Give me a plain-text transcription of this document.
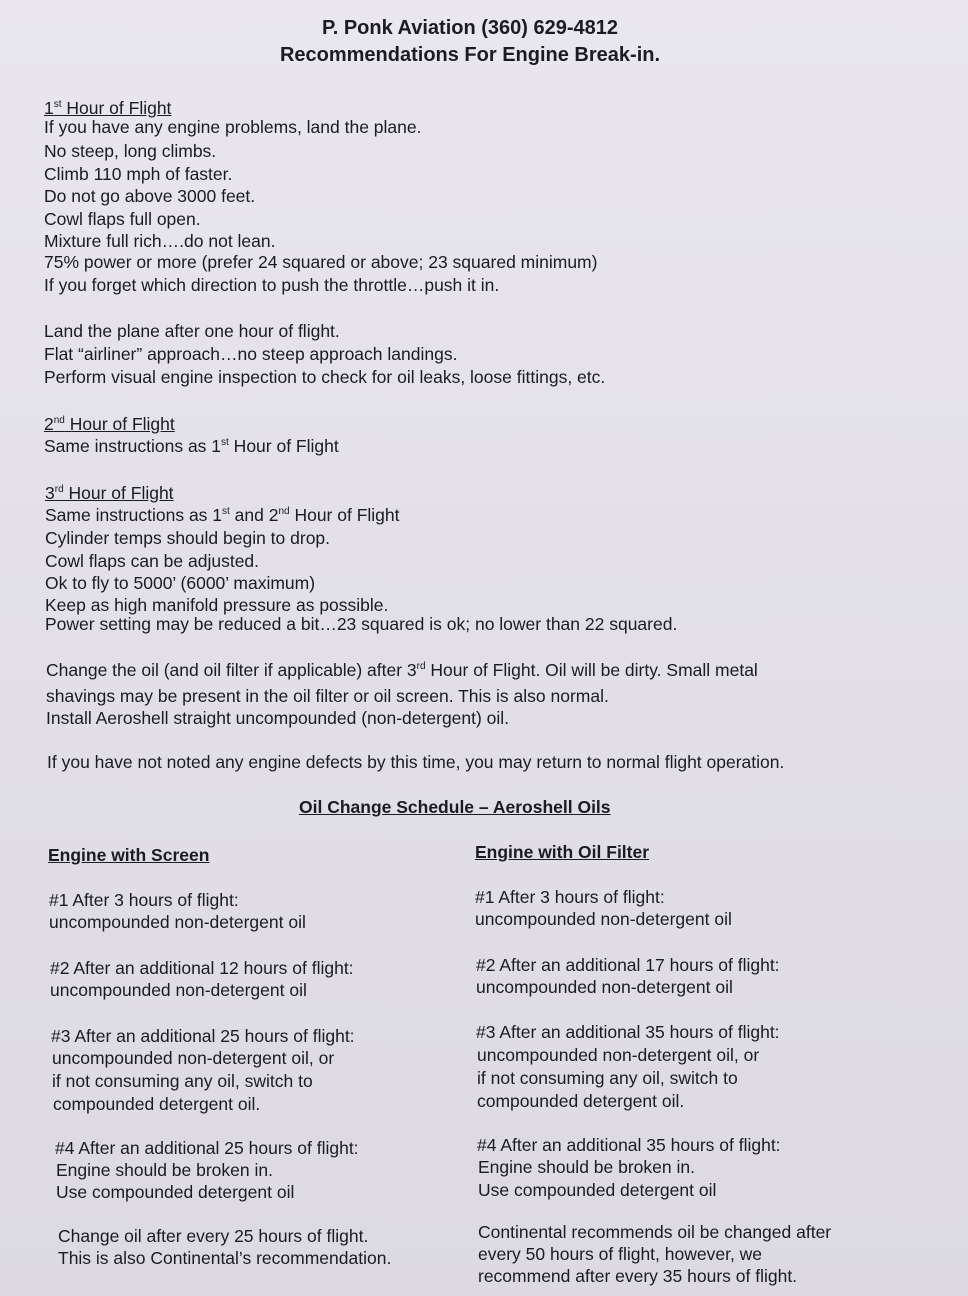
P. Ponk Aviation (360) 629-4812
Recommendations For Engine Break-in.
1st Hour of Flight
If you have any engine problems, land the plane.
No steep, long climbs.
Climb 110 mph of faster.
Do not go above 3000 feet.
Cowl flaps full open.
Mixture full rich….do not lean.
75% power or more (prefer 24 squared or above; 23 squared minimum)
If you forget which direction to push the throttle…push it in.
Land the plane after one hour of flight.
Flat “airliner” approach…no steep approach landings.
Perform visual engine inspection to check for oil leaks, loose fittings, etc.
2nd Hour of Flight
Same instructions as 1st Hour of Flight
3rd Hour of Flight
Same instructions as 1st and 2nd Hour of Flight
Cylinder temps should begin to drop.
Cowl flaps can be adjusted.
Ok to fly to 5000’ (6000’ maximum)
Keep as high manifold pressure as possible.
Power setting may be reduced a bit…23 squared is ok; no lower than 22 squared.
Change the oil (and oil filter if applicable) after 3rd Hour of Flight. Oil will be dirty. Small metal
shavings may be present in the oil filter or oil screen. This is also normal.
Install Aeroshell straight uncompounded (non-detergent) oil.
If you have not noted any engine defects by this time, you may return to normal flight operation.
Oil Change Schedule – Aeroshell Oils
Engine with Screen
#1 After 3 hours of flight:
uncompounded non-detergent oil
#2 After an additional 12 hours of flight:
uncompounded non-detergent oil
#3 After an additional 25 hours of flight:
uncompounded non-detergent oil, or
if not consuming any oil, switch to
compounded detergent oil.
#4 After an additional 25 hours of flight:
Engine should be broken in.
Use compounded detergent oil
Change oil after every 25 hours of flight.
This is also Continental’s recommendation.
Engine with Oil Filter
#1 After 3 hours of flight:
uncompounded non-detergent oil
#2 After an additional 17 hours of flight:
uncompounded non-detergent oil
#3 After an additional 35 hours of flight:
uncompounded non-detergent oil, or
if not consuming any oil, switch to
compounded detergent oil.
#4 After an additional 35 hours of flight:
Engine should be broken in.
Use compounded detergent oil
Continental recommends oil be changed after
every 50 hours of flight, however, we
recommend after every 35 hours of flight.
